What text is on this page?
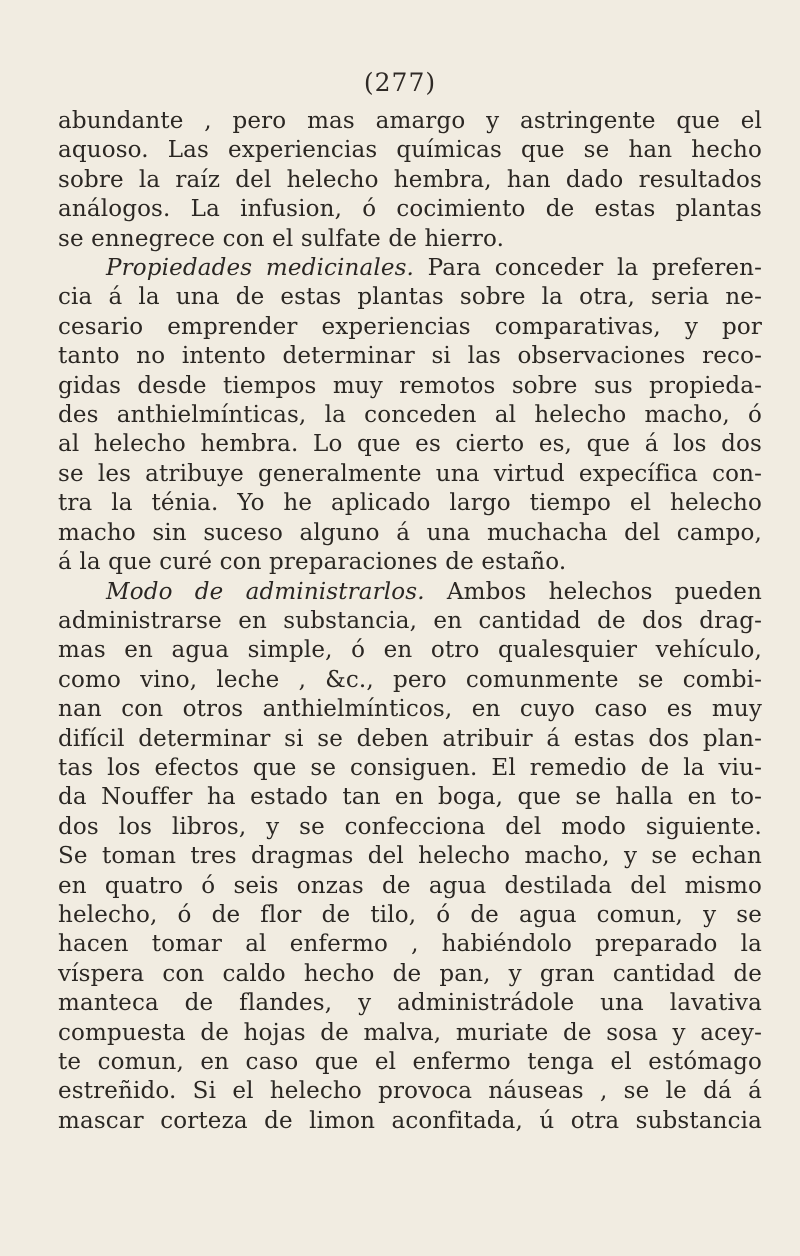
(277)
abundante , pero mas amargo y astringente que el
aquoso. Las experiencias químicas que se han hecho
sobre la raíz del helecho hembra, han dado resultados
análogos. La infusion, ó cocimiento de estas plantas
se ennegrece con el sulfate de hierro.
Propiedades medicinales. Para conceder la preferen-
cia á la una de estas plantas sobre la otra, seria ne-
cesario emprender experiencias comparativas, y por
tanto no intento determinar si las observaciones reco-
gidas desde tiempos muy remotos sobre sus propieda-
des anthielmínticas, la conceden al helecho macho, ó
al helecho hembra. Lo que es cierto es, que á los dos
se les atribuye generalmente una virtud expecífica con-
tra la ténia. Yo he aplicado largo tiempo el helecho
macho sin suceso alguno á una muchacha del campo,
á la que curé con preparaciones de estaño.
Modo de administrarlos. Ambos helechos pueden
administrarse en substancia, en cantidad de dos drag-
mas en agua simple, ó en otro qualesquier vehículo,
como vino, leche , &c., pero comunmente se combi-
nan con otros anthielmínticos, en cuyo caso es muy
difícil determinar si se deben atribuir á estas dos plan-
tas los efectos que se consiguen. El remedio de la viu-
da Nouffer ha estado tan en boga, que se halla en to-
dos los libros, y se confecciona del modo siguiente.
Se toman tres dragmas del helecho macho, y se echan
en quatro ó seis onzas de agua destilada del mismo
helecho, ó de flor de tilo, ó de agua comun, y se
hacen tomar al enfermo , habiéndolo preparado la
víspera con caldo hecho de pan, y gran cantidad de
manteca de flandes, y administrádole una lavativa
compuesta de hojas de malva, muriate de sosa y acey-
te comun, en caso que el enfermo tenga el estómago
estreñido. Si el helecho provoca náuseas , se le dá á
mascar corteza de limon aconfitada, ú otra substancia
